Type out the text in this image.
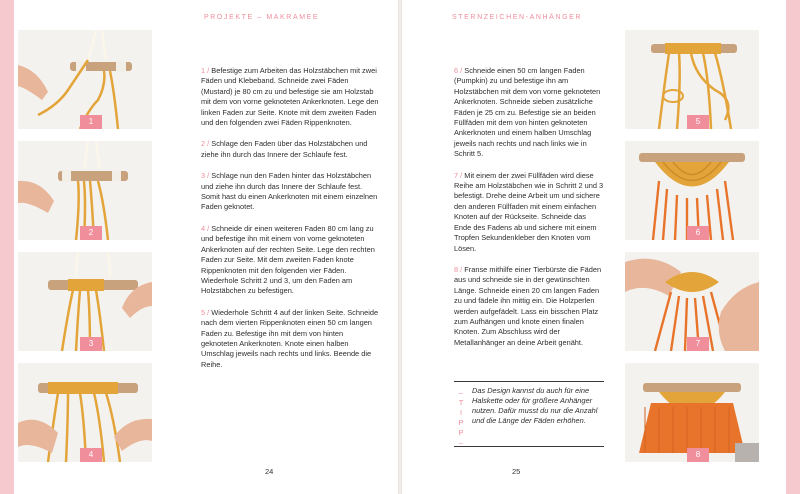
PROJEKTE – MAKRAMEE
1
2
3
4

1 / Befestige zum Arbeiten das Holzstäbchen mit zwei Fäden und Klebeband. Schneide zwei Fäden (Mustard) je 80 cm zu und befestige sie am Holzstab mit dem von vorne geknoteten Ankerknoten. Lege den linken Faden zur Seite. Knote mit dem zweiten Faden und den folgenden zwei Fäden Rippenknoten.

2 / Schlage den Faden über das Holzstäbchen und ziehe ihn durch das Innere der Schlaufe fest.

3 / Schlage nun den Faden hinter das Holzstäbchen und ziehe ihn durch das Innere der Schlaufe fest. Somit hast du einen Ankerknoten mit einem einzelnen Faden geknotet.

4 / Schneide dir einen weiteren Faden 80 cm lang zu und befestige ihn mit einem von vorne geknoteten Ankerknoten auf der rechten Seite. Lege den rechten Faden zur Seite. Mit dem zweiten Faden knote Rippenknoten mit den folgenden vier Fäden. Wiederhole Schritt 2 und 3, um den Faden am Holzstäbchen zu befestigen.

5 / Wiederhole Schritt 4 auf der linken Seite. Schneide nach dem vierten Rippenknoten einen 50 cm langen Faden zu. Befestige ihn mit dem von hinten geknoteten Ankerknoten. Knote einen halben Umschlag jeweils nach rechts und links. Beende die Reihe.

24
STERNZEICHEN-ANHÄNGER

6 / Schneide einen 50 cm langen Faden (Pumpkin) zu und befestige ihn am Holzstäbchen mit dem von vorne geknoteten Ankerknoten. Schneide sieben zusätzliche Fäden je 25 cm zu. Befestige sie an beiden Füllfäden mit dem von hinten geknoteten Ankerknoten und einem halben Umschlag jeweils nach rechts und nach links wie in Schritt 5.

7 / Mit einem der zwei Füllfäden wird diese Reihe am Holzstäbchen wie in Schritt 2 und 3 befestigt. Drehe deine Arbeit um und sichere den anderen Füllfaden mit einem einfachen Knoten auf der Rückseite. Schneide das Ende des Fadens ab und sichere mit einem Tropfen Sekundenkleber den Knoten vom Lösen.

8 / Franse mithilfe einer Tierbürste die Fäden aus und schneide sie in der gewünschten Länge. Schneide einen 20 cm langen Faden zu und fädele ihn mittig ein. Die Holzperlen werden aufgefädelt. Lass ein bisschen Platz zum Aufhängen und knote einen finalen Knoten. Zum Abschluss wird der Metallanhänger an deine Arbeit genäht.

–
T
I
P
P
–
Das Design kannst du auch für eine Halskette oder für größere Anhänger nutzen. Dafür musst du nur die Anzahl und die Länge der Fäden erhöhen.
5
6
7
8
25
